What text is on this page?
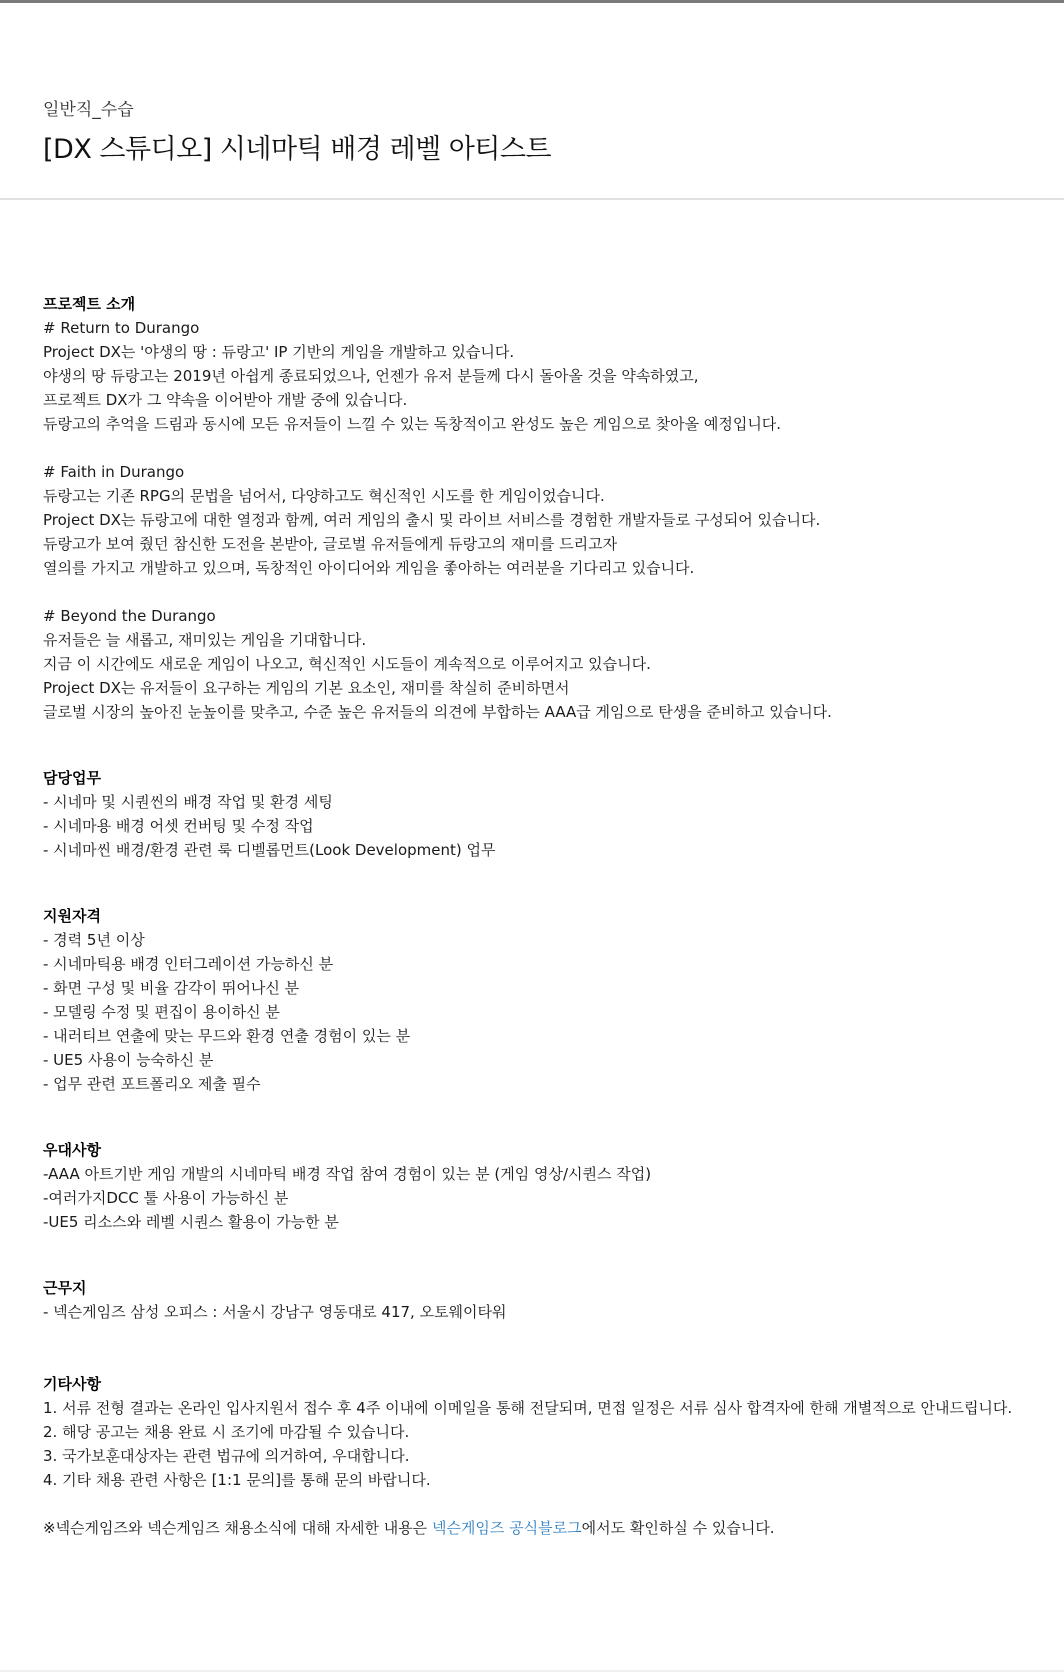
일반직_수습
[DX 스튜디오] 시네마틱 배경 레벨 아티스트
프로젝트 소개
# Return to Durango
Project DX는 '야생의 땅 : 듀랑고' IP 기반의 게임을 개발하고 있습니다.
야생의 땅 듀랑고는 2019년 아쉽게 종료되었으나, 언젠가 유저 분들께 다시 돌아올 것을 약속하였고,
프로젝트 DX가 그 약속을 이어받아 개발 중에 있습니다.
듀랑고의 추억을 드림과 동시에 모든 유저들이 느낄 수 있는 독창적이고 완성도 높은 게임으로 찾아올 예정입니다.
# Faith in Durango
듀랑고는 기존 RPG의 문법을 넘어서, 다양하고도 혁신적인 시도를 한 게임이었습니다.
Project DX는 듀랑고에 대한 열정과 함께, 여러 게임의 출시 및 라이브 서비스를 경험한 개발자들로 구성되어 있습니다.
듀랑고가 보여 줬던 참신한 도전을 본받아, 글로벌 유저들에게 듀랑고의 재미를 드리고자
열의를 가지고 개발하고 있으며, 독창적인 아이디어와 게임을 좋아하는 여러분을 기다리고 있습니다.
# Beyond the Durango
유저들은 늘 새롭고, 재미있는 게임을 기대합니다.
지금 이 시간에도 새로운 게임이 나오고, 혁신적인 시도들이 계속적으로 이루어지고 있습니다.
Project DX는 유저들이 요구하는 게임의 기본 요소인, 재미를 착실히 준비하면서
글로벌 시장의 높아진 눈높이를 맞추고, 수준 높은 유저들의 의견에 부합하는 AAA급 게임으로 탄생을 준비하고 있습니다.
담당업무
- 시네마 및 시퀀씬의 배경 작업 및 환경 세팅
- 시네마용 배경 어셋 컨버팅 및 수정 작업
- 시네마씬 배경/환경 관련 룩 디벨롭먼트(Look Development) 업무
지원자격
- 경력 5년 이상
- 시네마틱용 배경 인터그레이션 가능하신 분
- 화면 구성 및 비율 감각이 뛰어나신 분
- 모델링 수정 및 편집이 용이하신 분
- 내러티브 연출에 맞는 무드와 환경 연출 경험이 있는 분
- UE5 사용이 능숙하신 분
- 업무 관련 포트폴리오 제출 필수
우대사항
-AAA 아트기반 게임 개발의 시네마틱 배경 작업 참여 경험이 있는 분 (게임 영상/시퀀스 작업)
-여러가지DCC 툴 사용이 가능하신 분
-UE5 리소스와 레벨 시퀀스 활용이 가능한 분
근무지
- 넥슨게임즈 삼성 오피스 : 서울시 강남구 영동대로 417, 오토웨이타워
기타사항
1. 서류 전형 결과는 온라인 입사지원서 접수 후 4주 이내에 이메일을 통해 전달되며, 면접 일정은 서류 심사 합격자에 한해 개별적으로 안내드립니다.
2. 해당 공고는 채용 완료 시 조기에 마감될 수 있습니다.
3. 국가보훈대상자는 관련 법규에 의거하여, 우대합니다.
4. 기타 채용 관련 사항은 [1:1 문의]를 통해 문의 바랍니다.
※넥슨게임즈와 넥슨게임즈 채용소식에 대해 자세한 내용은 넥슨게임즈 공식블로그에서도 확인하실 수 있습니다.
